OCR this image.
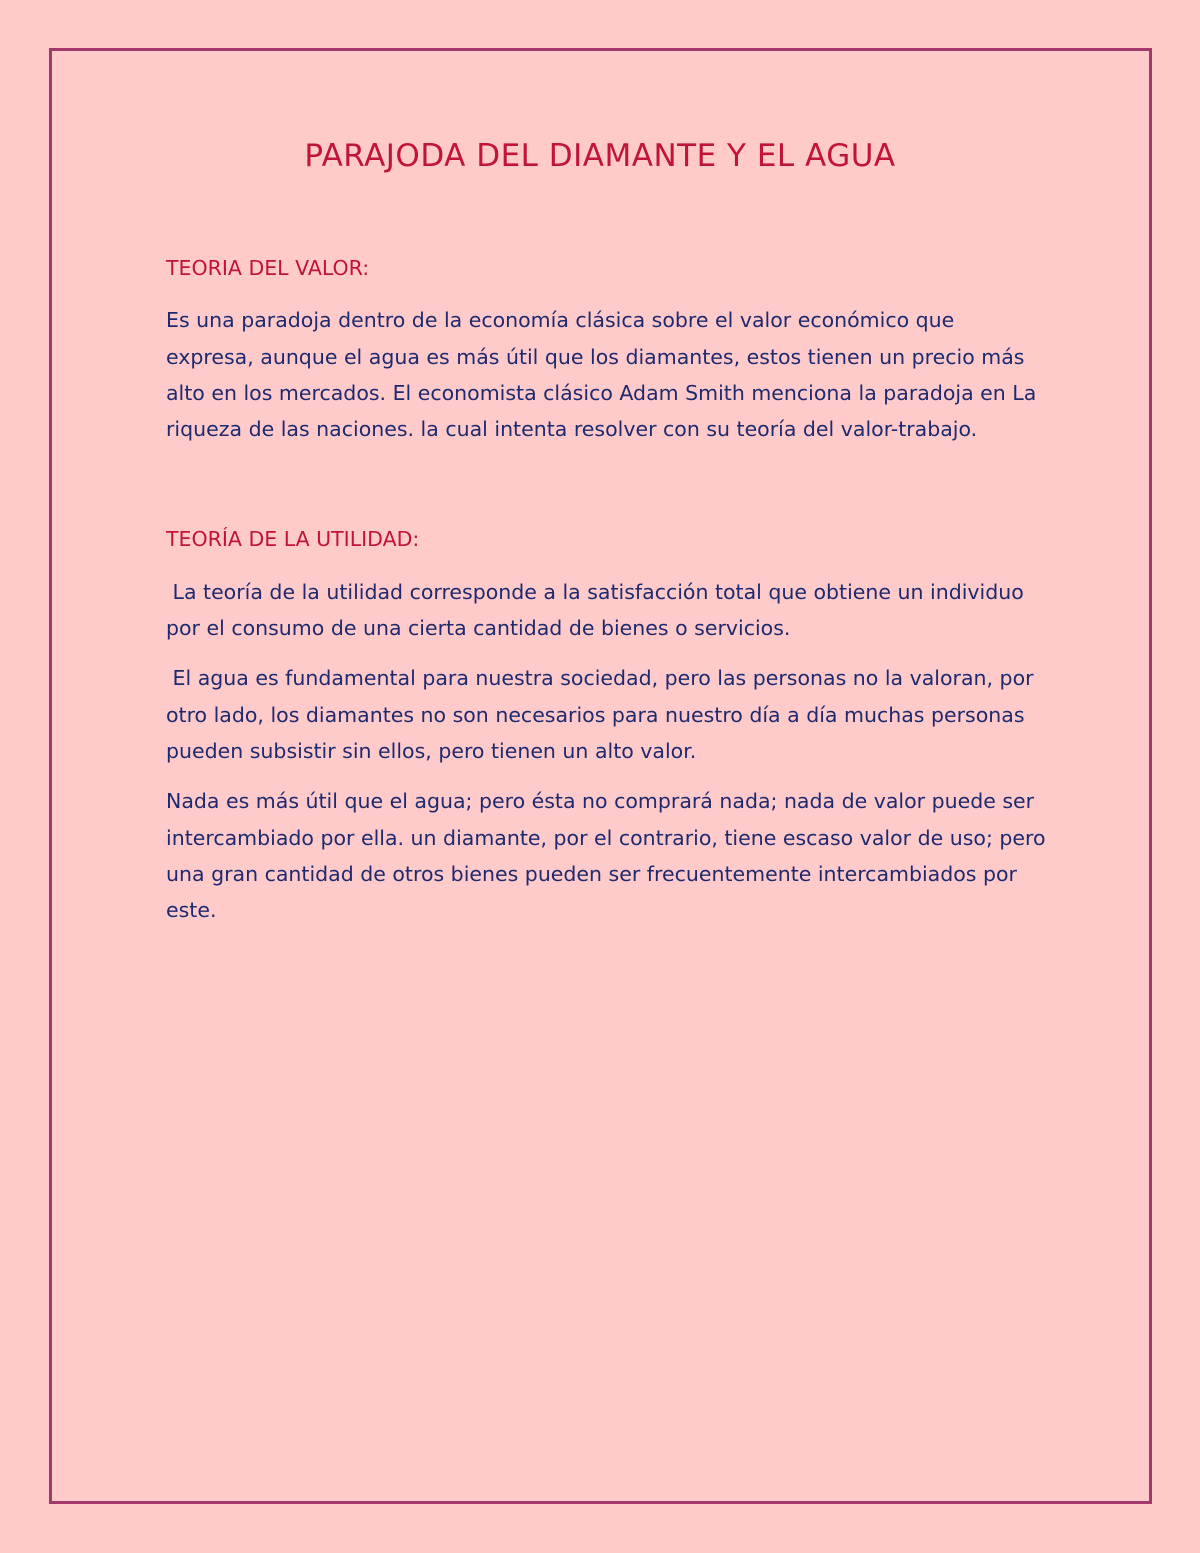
PARAJODA DEL DIAMANTE Y EL AGUA
TEORIA DEL VALOR:

Es una paradoja dentro de la economía clásica sobre el valor económico que expresa, aunque el agua es más útil que los diamantes, estos tienen un precio más alto en los mercados. El economista clásico Adam Smith menciona la paradoja en La riqueza de las naciones. la cual intenta resolver con su teoría del valor-trabajo.

TEORÍA DE LA UTILIDAD:

La teoría de la utilidad corresponde a la satisfacción total que obtiene un individuo por el consumo de una cierta cantidad de bienes o servicios.

El agua es fundamental para nuestra sociedad, pero las personas no la valoran, por otro lado, los diamantes no son necesarios para nuestro día a día muchas personas pueden subsistir sin ellos, pero tienen un alto valor.

Nada es más útil que el agua; pero ésta no comprará nada; nada de valor puede ser intercambiado por ella. un diamante, por el contrario, tiene escaso valor de uso; pero una gran cantidad de otros bienes pueden ser frecuentemente intercambiados por este.
